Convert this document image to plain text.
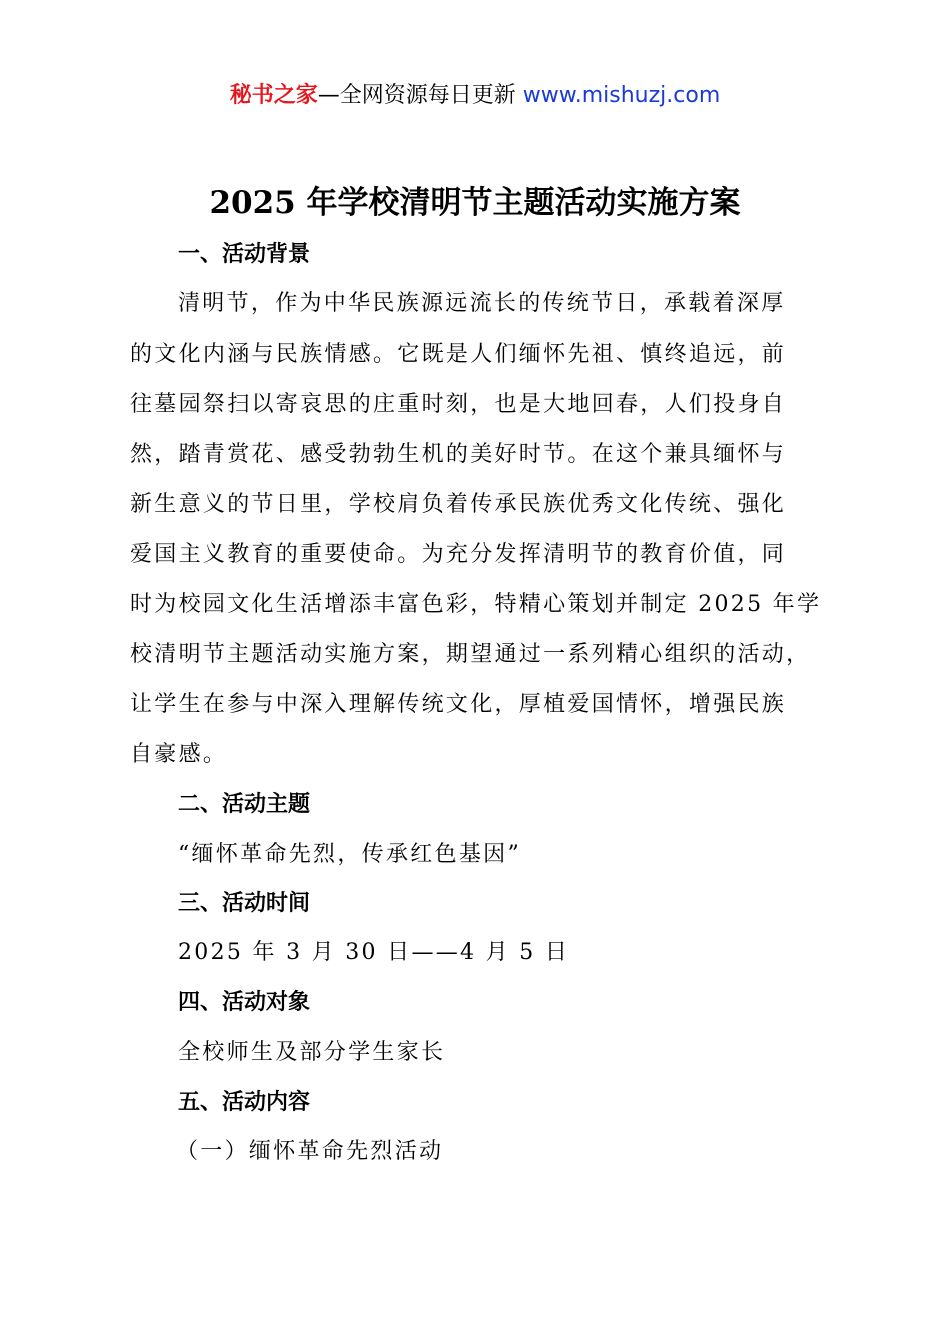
秘书之家—全网资源每日更新 www.mishuzj.com
2025 年学校清明节主题活动实施方案
一、活动背景
清明节，作为中华民族源远流长的传统节日，承载着深厚
的文化内涵与民族情感。它既是人们缅怀先祖、慎终追远，前
往墓园祭扫以寄哀思的庄重时刻，也是大地回春，人们投身自
然，踏青赏花、感受勃勃生机的美好时节。在这个兼具缅怀与
新生意义的节日里，学校肩负着传承民族优秀文化传统、强化
爱国主义教育的重要使命。为充分发挥清明节的教育价值，同
时为校园文化生活增添丰富色彩，特精心策划并制定 2025 年学
校清明节主题活动实施方案，期望通过一系列精心组织的活动，
让学生在参与中深入理解传统文化，厚植爱国情怀，增强民族
自豪感。
二、活动主题
“缅怀革命先烈，传承红色基因”
三、活动时间
2025 年 3 月 30 日——4 月 5 日
四、活动对象
全校师生及部分学生家长
五、活动内容
（一）缅怀革命先烈活动
